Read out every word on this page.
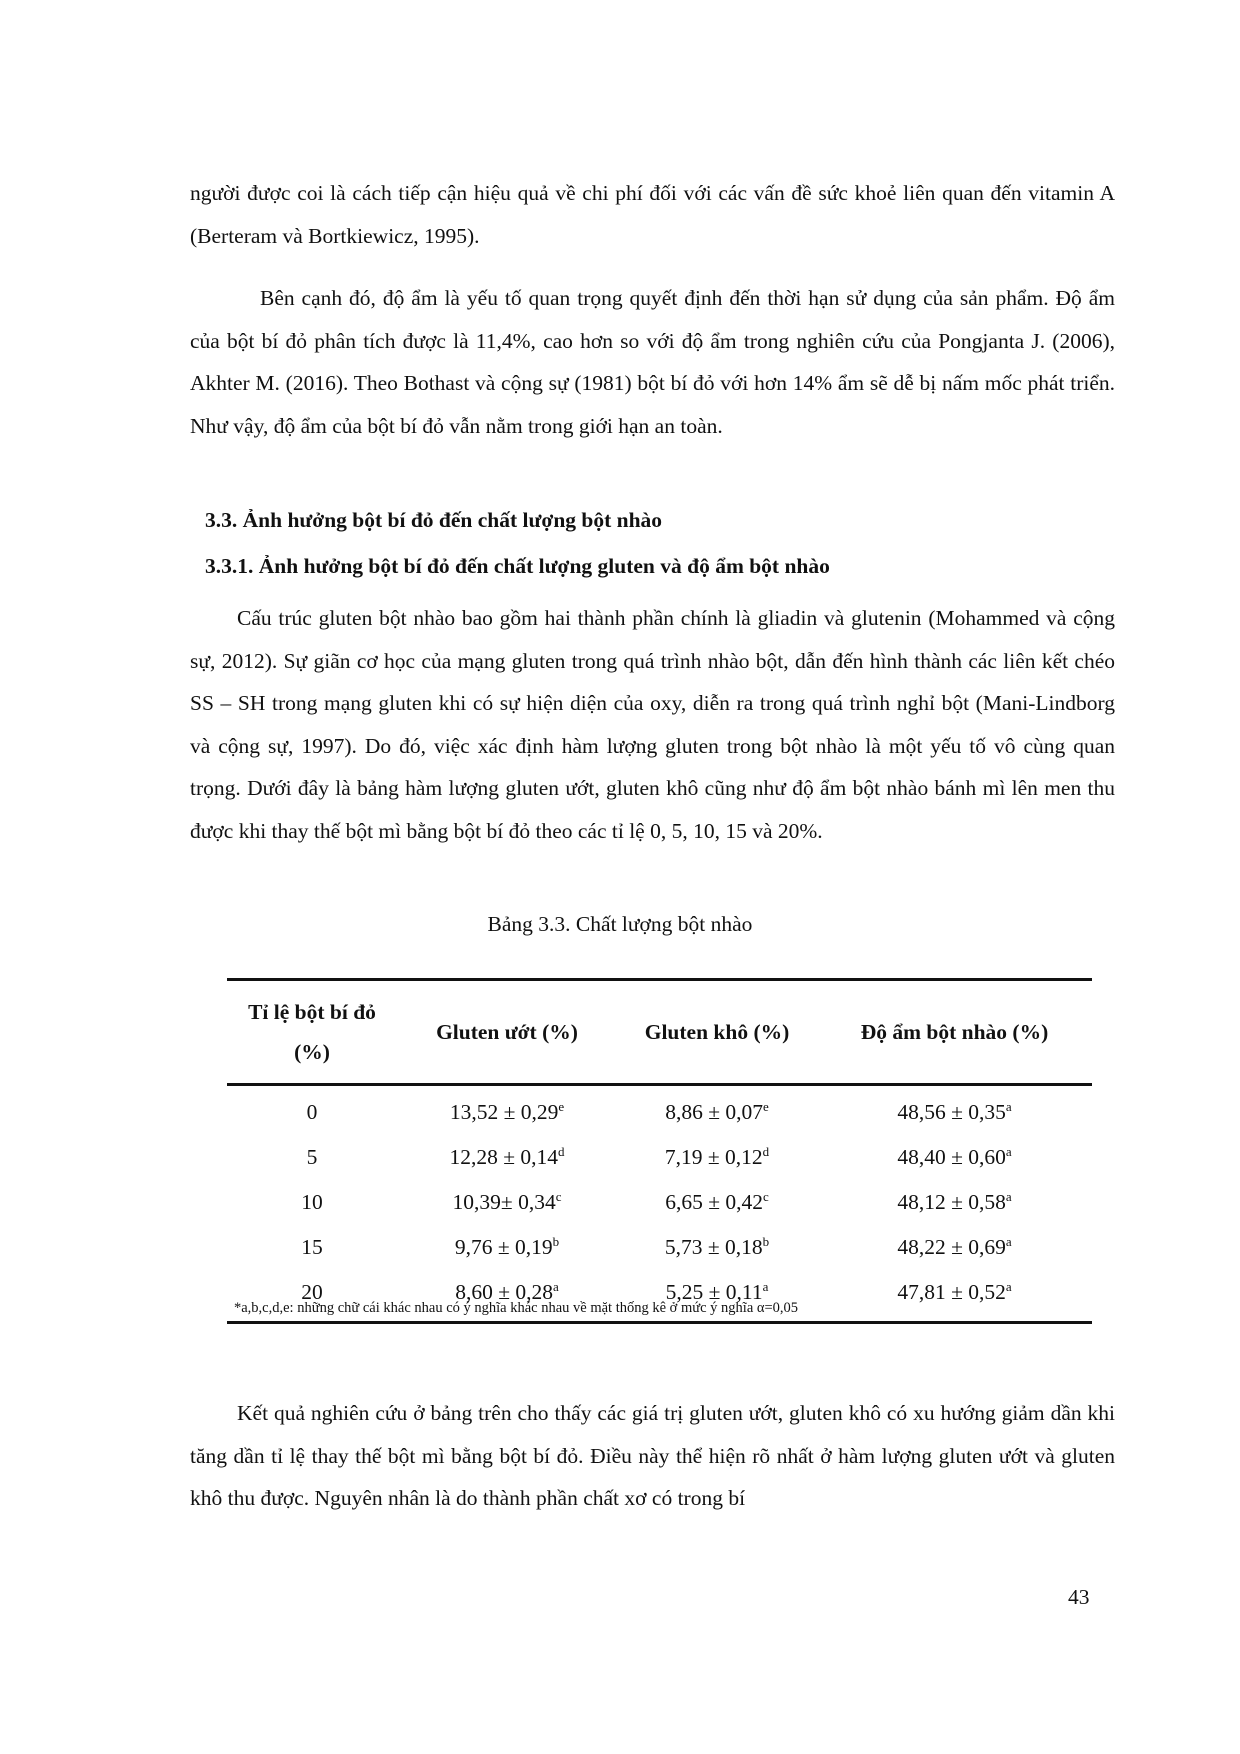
người được coi là cách tiếp cận hiệu quả về chi phí đối với các vấn đề sức khoẻ liên quan đến vitamin A (Berteram và Bortkiewicz, 1995).

Bên cạnh đó, độ ẩm là yếu tố quan trọng quyết định đến thời hạn sử dụng của sản phẩm. Độ ẩm của bột bí đỏ phân tích được là 11,4%, cao hơn so với độ ẩm trong nghiên cứu của Pongjanta J. (2006), Akhter M. (2016). Theo Bothast và cộng sự (1981) bột bí đỏ với hơn 14% ẩm sẽ dễ bị nấm mốc phát triển. Như vậy, độ ẩm của bột bí đỏ vẫn nằm trong giới hạn an toàn.

3.3. Ảnh hưởng bột bí đỏ đến chất lượng bột nhào

3.3.1. Ảnh hưởng bột bí đỏ đến chất lượng gluten và độ ẩm bột nhào

Cấu trúc gluten bột nhào bao gồm hai thành phần chính là gliadin và glutenin (Mohammed và cộng sự, 2012). Sự giãn cơ học của mạng gluten trong quá trình nhào bột, dẫn đến hình thành các liên kết chéo SS – SH trong mạng gluten khi có sự hiện diện của oxy, diễn ra trong quá trình nghỉ bột (Mani-Lindborg và cộng sự, 1997). Do đó, việc xác định hàm lượng gluten trong bột nhào là một yếu tố vô cùng quan trọng. Dưới đây là bảng hàm lượng gluten ướt, gluten khô cũng như độ ẩm bột nhào bánh mì lên men thu được khi thay thế bột mì bằng bột bí đỏ theo các tỉ lệ 0, 5, 10, 15 và 20%.

Bảng 3.3. Chất lượng bột nhào

Tỉ lệ bột bí đỏ (%)	Gluten ướt (%)	Gluten khô (%)	Độ ẩm bột nhào (%)
0	13,52 ± 0,29$^e$	8,86 ± 0,07$^e$	48,56 ± 0,35$^a$
5	12,28 ± 0,14$^d$	7,19 ± 0,12$^d$	48,40 ± 0,60$^a$
10	10,39± 0,34$^c$	6,65 ± 0,42$^c$	48,12 ± 0,58$^a$
15	9,76 ± 0,19$^b$	5,73 ± 0,18$^b$	48,22 ± 0,69$^a$
20	8,60 ± 0,28$^a$	5,25 ± 0,11$^a$	47,81 ± 0,52$^a$

*a,b,c,d,e: những chữ cái khác nhau có ý nghĩa khác nhau về mặt thống kê ở mức ý nghĩa α=0,05

Kết quả nghiên cứu ở bảng trên cho thấy các giá trị gluten ướt, gluten khô có xu hướng giảm dần khi tăng dần tỉ lệ thay thế bột mì bằng bột bí đỏ. Điều này thể hiện rõ nhất ở hàm lượng gluten ướt và gluten khô thu được. Nguyên nhân là do thành phần chất xơ có trong bí

43
